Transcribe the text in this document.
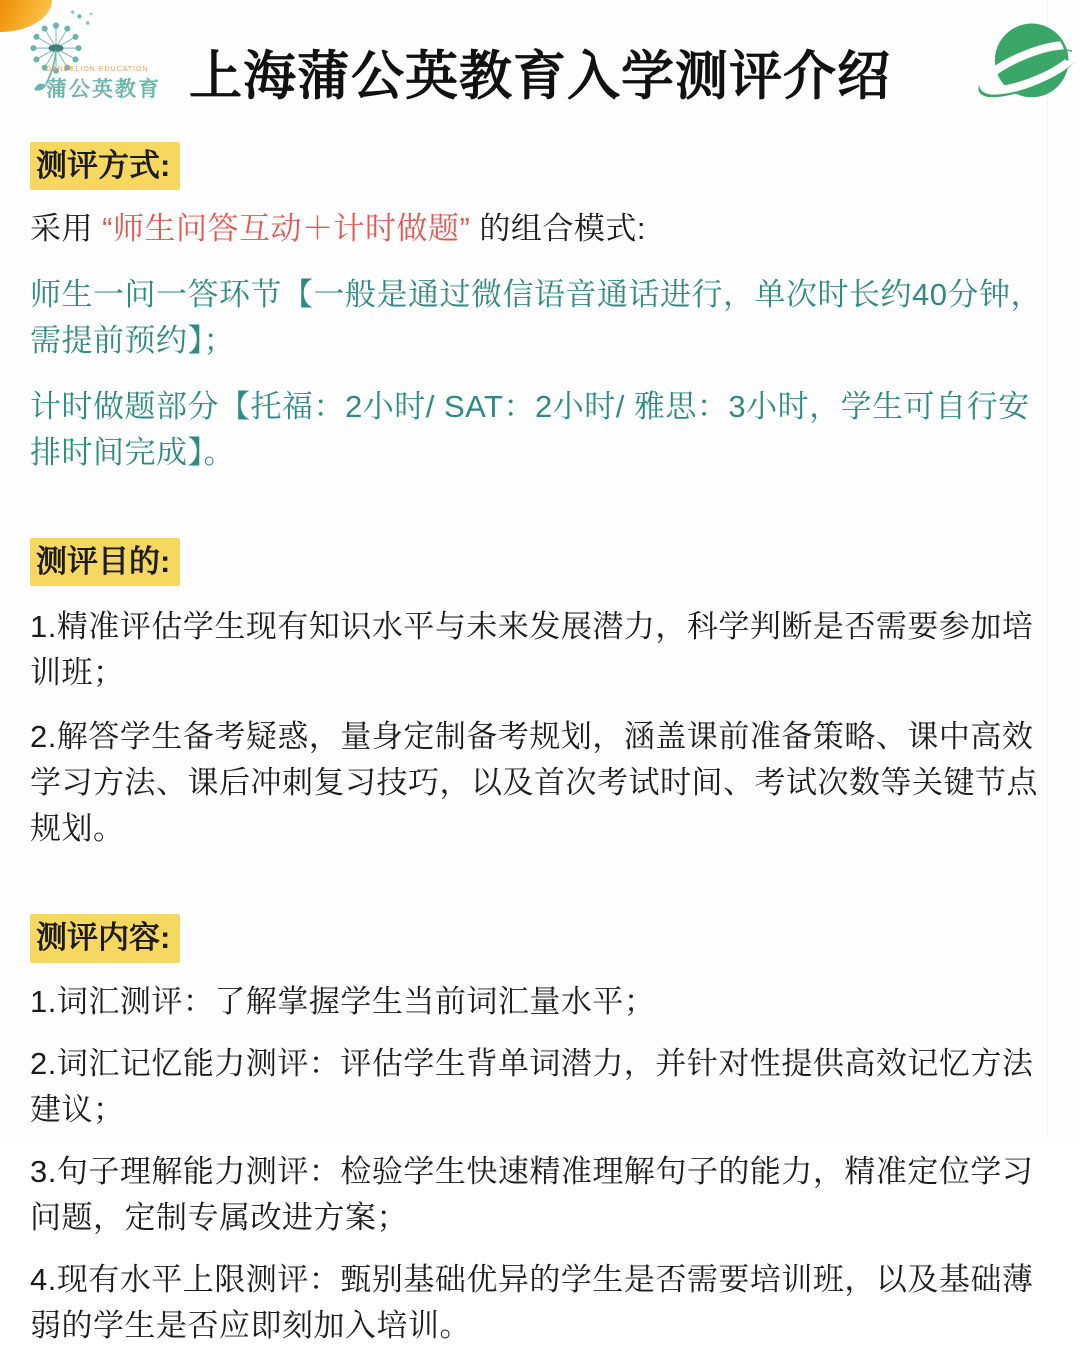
DANDELION EDUCATION
蒲公英教育 上海蒲公英教育入学测评介绍
测评方式:

采用 “师生问答互动＋计时做题” 的组合模式:

师生一问一答环节【一般是通过微信语音通话进行，单次时长约40分钟，需提前预约】；

计时做题部分【托福：2小时/ SAT：2小时/ 雅思：3小时，学生可自行安排时间完成】。

测评目的:

1.精准评估学生现有知识水平与未来发展潜力，科学判断是否需要参加培训班；

2.解答学生备考疑惑，量身定制备考规划，涵盖课前准备策略、课中高效学习方法、课后冲刺复习技巧，以及首次考试时间、考试次数等关键节点规划。

测评内容:

1.词汇测评：了解掌握学生当前词汇量水平；

2.词汇记忆能力测评：评估学生背单词潜力，并针对性提供高效记忆方法建议；

3.句子理解能力测评：检验学生快速精准理解句子的能力，精准定位学习问题，定制专属改进方案；

4.现有水平上限测评：甄别基础优异的学生是否需要培训班，以及基础薄弱的学生是否应即刻加入培训。
